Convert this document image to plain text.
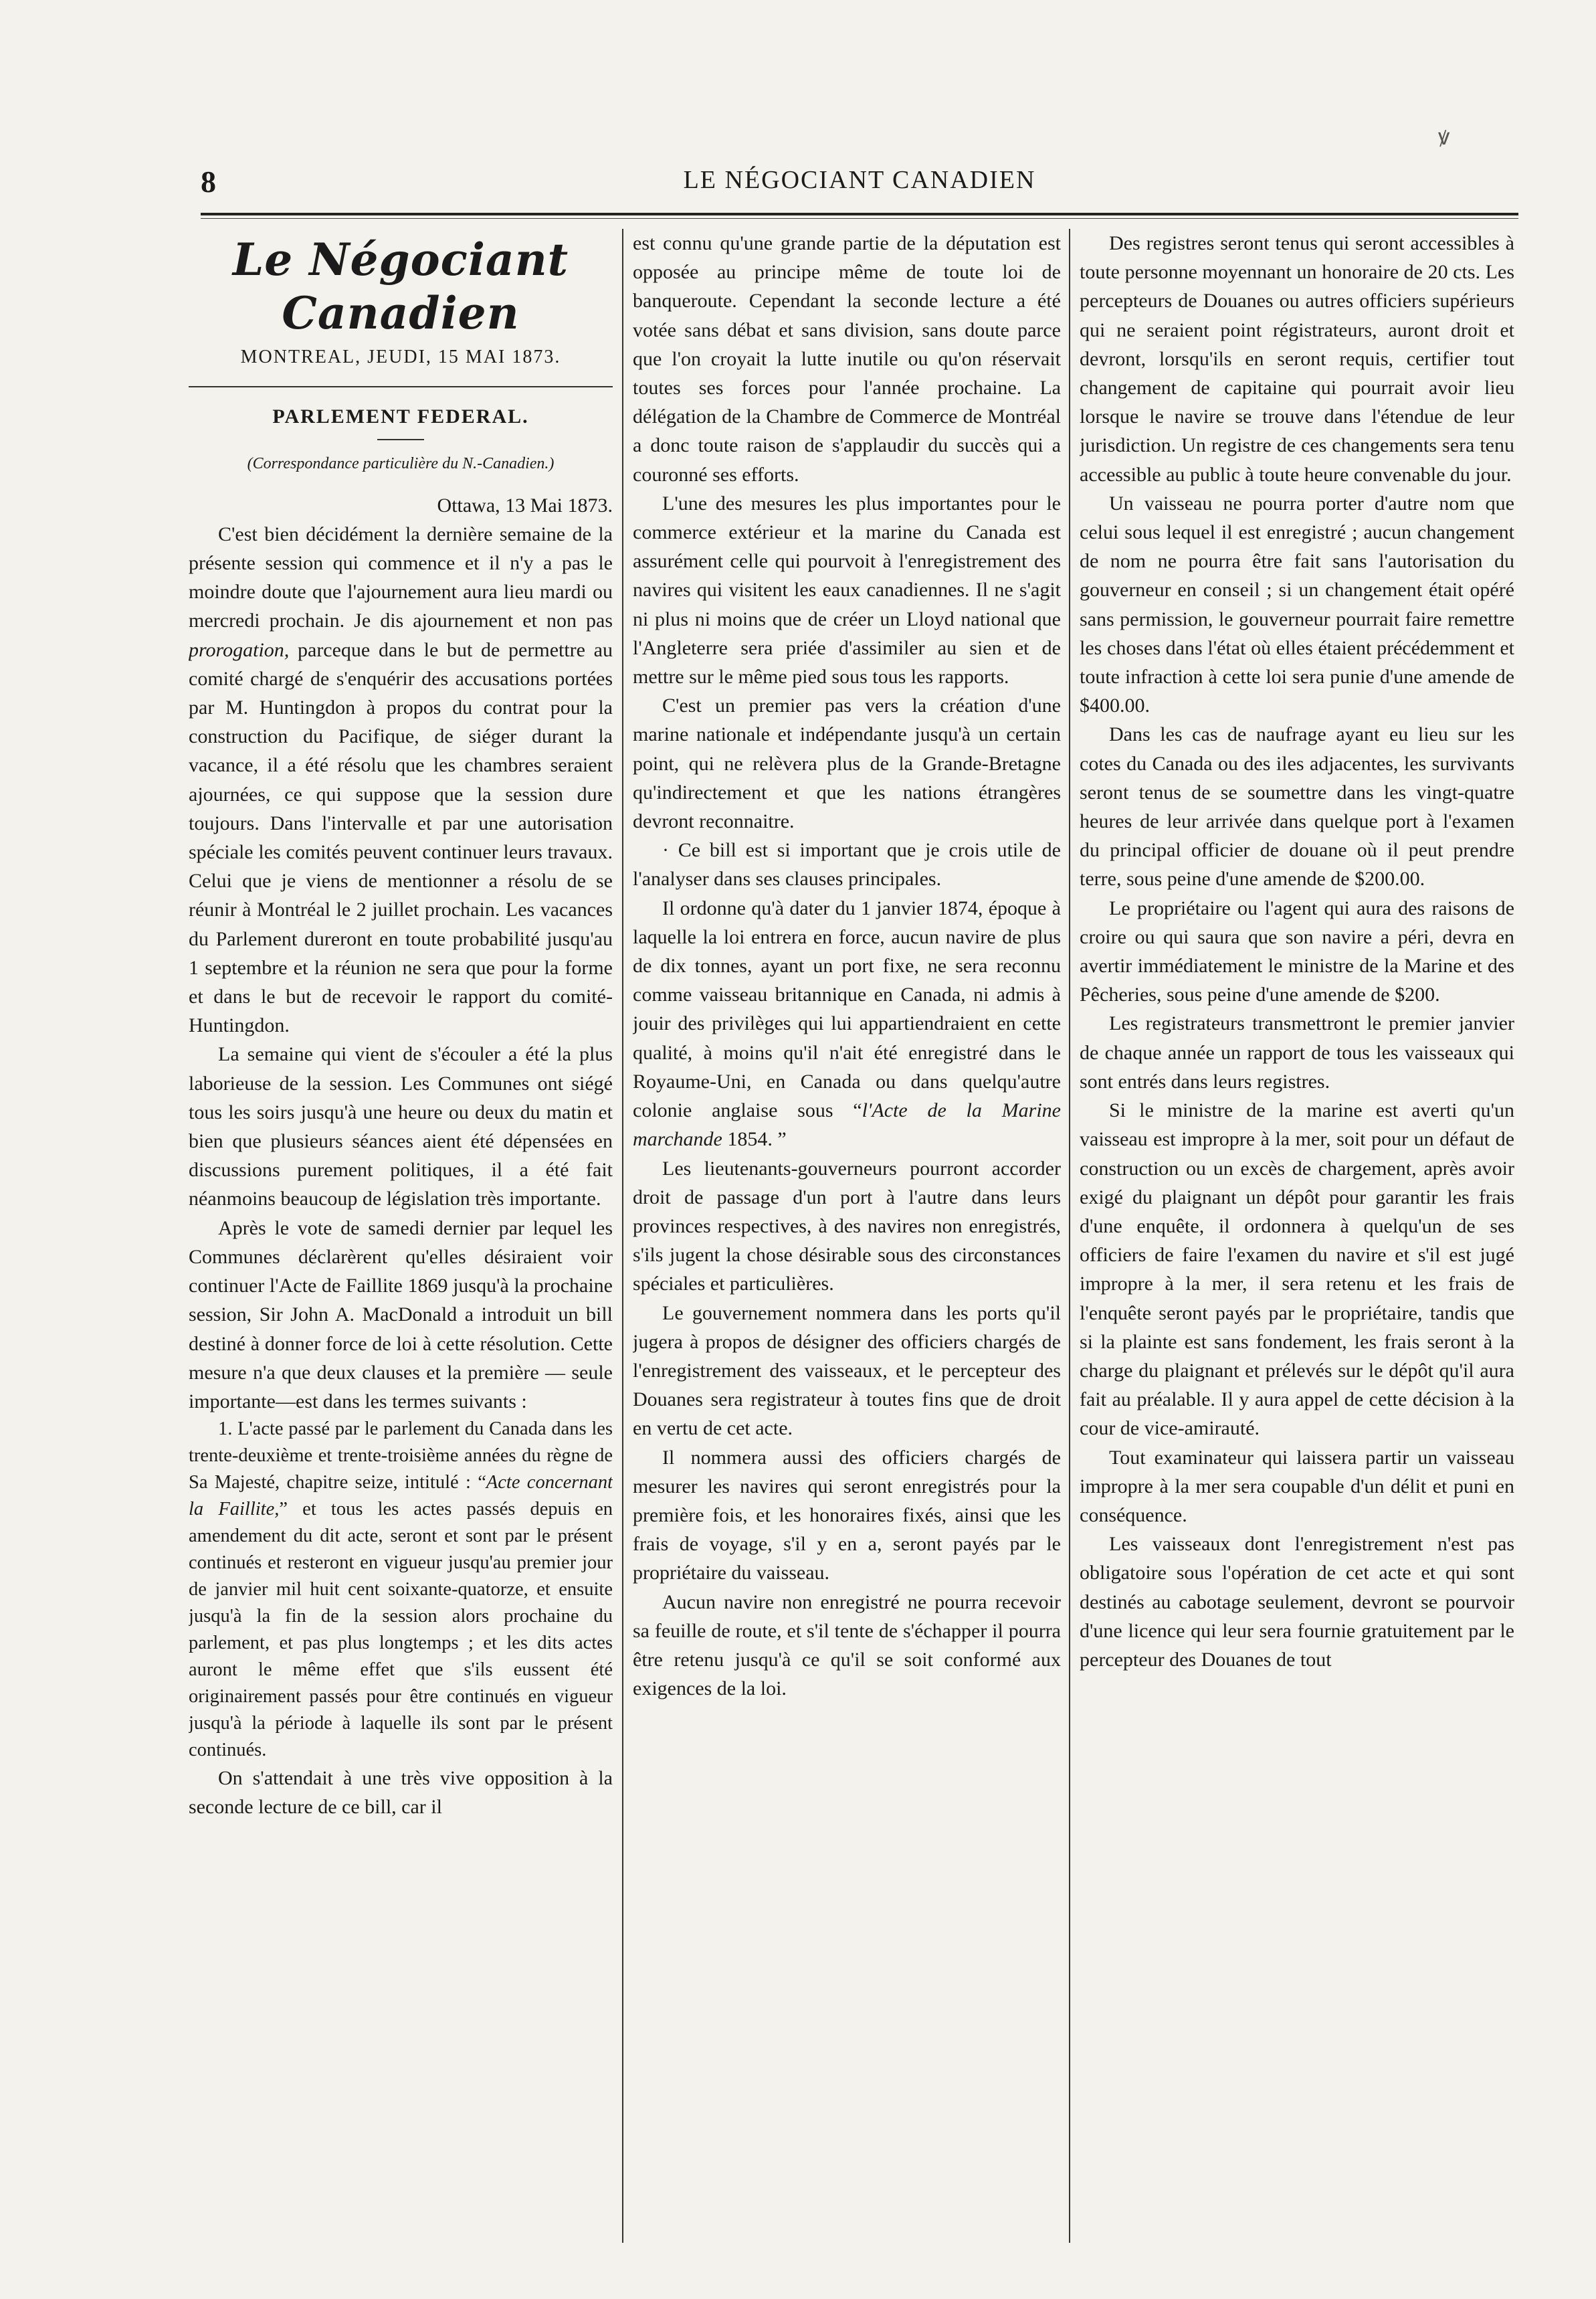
ꝟ
8	LE NÉGOCIANT CANADIEN
Le Négociant Canadien
MONTREAL, JEUDI, 15 MAI 1873.
PARLEMENT FEDERAL.
(Correspondance particulière du N.-Canadien.)

Ottawa, 13 Mai 1873.

C'est bien décidément la dernière semaine de la présente session qui commence et il n'y a pas le moindre doute que l'ajournement aura lieu mardi ou mercredi prochain. Je dis ajournement et non pas prorogation, parceque dans le but de permettre au comité chargé de s'enquérir des accusations portées par M. Huntingdon à propos du contrat pour la construction du Pacifique, de siéger durant la vacance, il a été résolu que les chambres seraient ajournées, ce qui suppose que la session dure toujours. Dans l'intervalle et par une autorisation spéciale les comités peuvent continuer leurs travaux. Celui que je viens de mentionner a résolu de se réunir à Montréal le 2 juillet prochain. Les vacances du Parlement dureront en toute probabilité jusqu'au 1 septembre et la réunion ne sera que pour la forme et dans le but de recevoir le rapport du comité-Huntingdon.

La semaine qui vient de s'écouler a été la plus laborieuse de la session. Les Communes ont siégé tous les soirs jusqu'à une heure ou deux du matin et bien que plusieurs séances aient été dépensées en discussions purement politiques, il a été fait néanmoins beaucoup de législation très importante.

Après le vote de samedi dernier par lequel les Communes déclarèrent qu'elles désiraient voir continuer l'Acte de Faillite 1869 jusqu'à la prochaine session, Sir John A. MacDonald a introduit un bill destiné à donner force de loi à cette résolution. Cette mesure n'a que deux clauses et la première — seule importante—est dans les termes suivants :

1. L'acte passé par le parlement du Canada dans les trente-deuxième et trente-troisième années du règne de Sa Majesté, chapitre seize, intitulé : “Acte concernant la Faillite,” et tous les actes passés depuis en amendement du dit acte, seront et sont par le présent continués et resteront en vigueur jusqu'au premier jour de janvier mil huit cent soixante-quatorze, et ensuite jusqu'à la fin de la session alors prochaine du parlement, et pas plus longtemps ; et les dits actes auront le même effet que s'ils eussent été originairement passés pour être continués en vigueur jusqu'à la période à laquelle ils sont par le présent continués.

On s'attendait à une très vive opposition à la seconde lecture de ce bill, car il

est connu qu'une grande partie de la députation est opposée au principe même de toute loi de banqueroute. Cependant la seconde lecture a été votée sans débat et sans division, sans doute parce que l'on croyait la lutte inutile ou qu'on réservait toutes ses forces pour l'année prochaine. La délégation de la Chambre de Commerce de Montréal a donc toute raison de s'applaudir du succès qui a couronné ses efforts.

L'une des mesures les plus importantes pour le commerce extérieur et la marine du Canada est assurément celle qui pourvoit à l'enregistrement des navires qui visitent les eaux canadiennes. Il ne s'agit ni plus ni moins que de créer un Lloyd national que l'Angleterre sera priée d'assimiler au sien et de mettre sur le même pied sous tous les rapports.

C'est un premier pas vers la création d'une marine nationale et indépendante jusqu'à un certain point, qui ne relèvera plus de la Grande-Bretagne qu'indirectement et que les nations étrangères devront reconnaitre.

· Ce bill est si important que je crois utile de l'analyser dans ses clauses principales.

Il ordonne qu'à dater du 1 janvier 1874, époque à laquelle la loi entrera en force, aucun navire de plus de dix tonnes, ayant un port fixe, ne sera reconnu comme vaisseau britannique en Canada, ni admis à jouir des privilèges qui lui appartiendraient en cette qualité, à moins qu'il n'ait été enregistré dans le Royaume-Uni, en Canada ou dans quelqu'autre colonie anglaise sous “l'Acte de la Marine marchande 1854. ”

Les lieutenants-gouverneurs pourront accorder droit de passage d'un port à l'autre dans leurs provinces respectives, à des navires non enregistrés, s'ils jugent la chose désirable sous des circonstances spéciales et particulières.

Le gouvernement nommera dans les ports qu'il jugera à propos de désigner des officiers chargés de l'enregistrement des vaisseaux, et le percepteur des Douanes sera registrateur à toutes fins que de droit en vertu de cet acte.

Il nommera aussi des officiers chargés de mesurer les navires qui seront enregistrés pour la première fois, et les honoraires fixés, ainsi que les frais de voyage, s'il y en a, seront payés par le propriétaire du vaisseau.

Aucun navire non enregistré ne pourra recevoir sa feuille de route, et s'il tente de s'échapper il pourra être retenu jusqu'à ce qu'il se soit conformé aux exigences de la loi.

Des registres seront tenus qui seront accessibles à toute personne moyennant un honoraire de 20 cts. Les percepteurs de Douanes ou autres officiers supérieurs qui ne seraient point régistrateurs, auront droit et devront, lorsqu'ils en seront requis, certifier tout changement de capitaine qui pourrait avoir lieu lorsque le navire se trouve dans l'étendue de leur jurisdiction. Un registre de ces changements sera tenu accessible au public à toute heure convenable du jour.

Un vaisseau ne pourra porter d'autre nom que celui sous lequel il est enregistré ; aucun changement de nom ne pourra être fait sans l'autorisation du gouverneur en conseil ; si un changement était opéré sans permission, le gouverneur pourrait faire remettre les choses dans l'état où elles étaient précédemment et toute infraction à cette loi sera punie d'une amende de $400.00.

Dans les cas de naufrage ayant eu lieu sur les cotes du Canada ou des iles adjacentes, les survivants seront tenus de se soumettre dans les vingt-quatre heures de leur arrivée dans quelque port à l'examen du principal officier de douane où il peut prendre terre, sous peine d'une amende de $200.00.

Le propriétaire ou l'agent qui aura des raisons de croire ou qui saura que son navire a péri, devra en avertir immédiatement le ministre de la Marine et des Pêcheries, sous peine d'une amende de $200.

Les registrateurs transmettront le premier janvier de chaque année un rapport de tous les vaisseaux qui sont entrés dans leurs registres.

Si le ministre de la marine est averti qu'un vaisseau est impropre à la mer, soit pour un défaut de construction ou un excès de chargement, après avoir exigé du plaignant un dépôt pour garantir les frais d'une enquête, il ordonnera à quelqu'un de ses officiers de faire l'examen du navire et s'il est jugé impropre à la mer, il sera retenu et les frais de l'enquête seront payés par le propriétaire, tandis que si la plainte est sans fondement, les frais seront à la charge du plaignant et prélevés sur le dépôt qu'il aura fait au préalable. Il y aura appel de cette décision à la cour de vice-amirauté.

Tout examinateur qui laissera partir un vaisseau impropre à la mer sera coupable d'un délit et puni en conséquence.

Les vaisseaux dont l'enregistrement n'est pas obligatoire sous l'opération de cet acte et qui sont destinés au cabotage seulement, devront se pourvoir d'une licence qui leur sera fournie gratuitement par le percepteur des Douanes de tout
